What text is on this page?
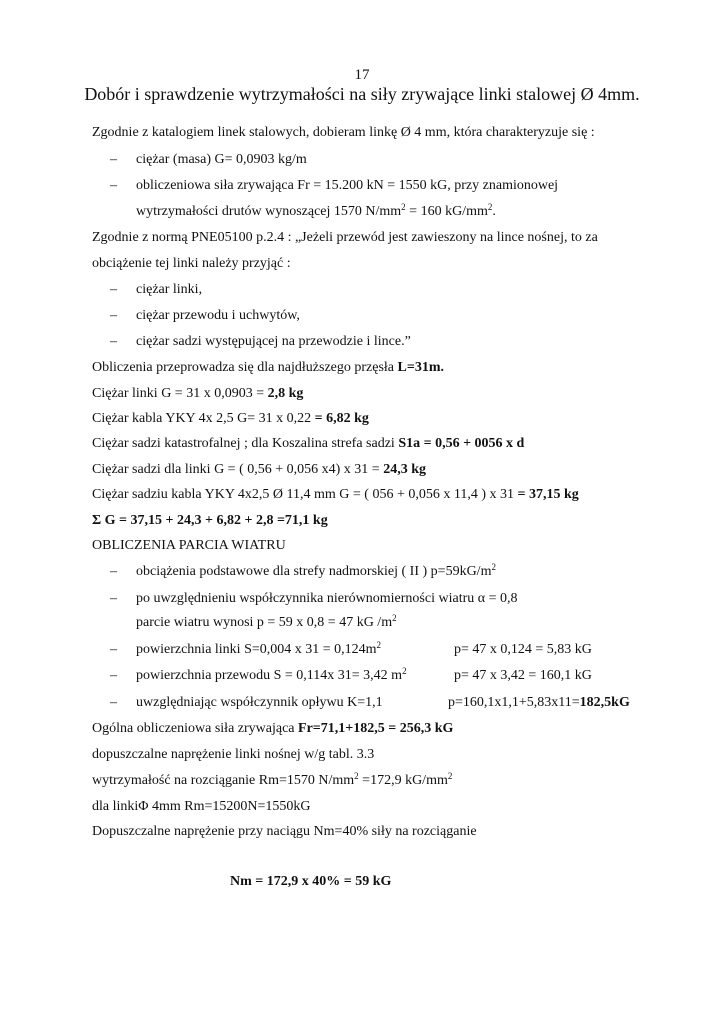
17
Dobór i sprawdzenie wytrzymałości na siły zrywające linki stalowej Ø 4mm.
Zgodnie z katalogiem linek stalowych, dobieram linkę Ø 4 mm, która charakteryzuje się :
– ciężar (masa) G= 0,0903 kg/m
– obliczeniowa siła zrywająca Fr = 15.200 kN = 1550 kG, przy znamionowej
wytrzymałości drutów wynoszącej 1570 $N/mm^2 = 160$ $kG/mm^2$.
Zgodnie z normą PNE05100 p.2.4 : „Jeżeli przewód jest zawieszony na lince nośnej, to za
obciążenie tej linki należy przyjąć :
– ciężar linki,
– ciężar przewodu i uchwytów,
– ciężar sadzi występującej na przewodzie i lince.”
Obliczenia przeprowadza się dla najdłuższego przęsła L=31m.
Ciężar linki G = 31 x 0,0903 = 2,8 kg
Ciężar kabla YKY 4x 2,5 G= 31 x 0,22 = 6,82 kg
Ciężar sadzi katastrofalnej ; dla Koszalina strefa sadzi S1a = 0,56 + 0056 x d
Ciężar sadzi dla linki G = ( 0,56 + 0,056 x4) x 31 = 24,3 kg
Ciężar sadziu kabla YKY 4x2,5 Ø 11,4 mm G = ( 056 + 0,056 x 11,4 ) x 31 = 37,15 kg
Σ G = 37,15 + 24,3 + 6,82 + 2,8 =71,1 kg
OBLICZENIA PARCIA WIATRU
– obciążenia podstawowe dla strefy nadmorskiej ( II ) $p=59kG/m^2$
– po uwzględnieniu współczynnika nierównomierności wiatru α = 0,8
parcie wiatru wynosi p = 59 x 0,8 = 47 kG $/m^2$
– powierzchnia linki S=0,004 x $31 = 0,124m^2$	p= 47 x 0,124 = 5,83 kG
– powierzchnia przewodu S = 0,114x 31= 3,42 $m^2$	p= 47 x 3,42 = 160,1 kG
– uwzględniając współczynnik opływu K=1,1	p=160,1x1,1+5,83x11=182,5kG
Ogólna obliczeniowa siła zrywająca Fr=71,1+182,5 = 256,3 kG
dopuszczalne naprężenie linki nośnej w/g tabl. 3.3
wytrzymałość na rozciąganie Rm=1570 $N/mm^2 =172,9$ $kG/mm^2$
dla linkiΦ 4mm Rm=15200N=1550kG
Dopuszczalne naprężenie przy naciągu Nm=40% siły na rozciąganie
Nm = 172,9 x 40% = 59 kG
